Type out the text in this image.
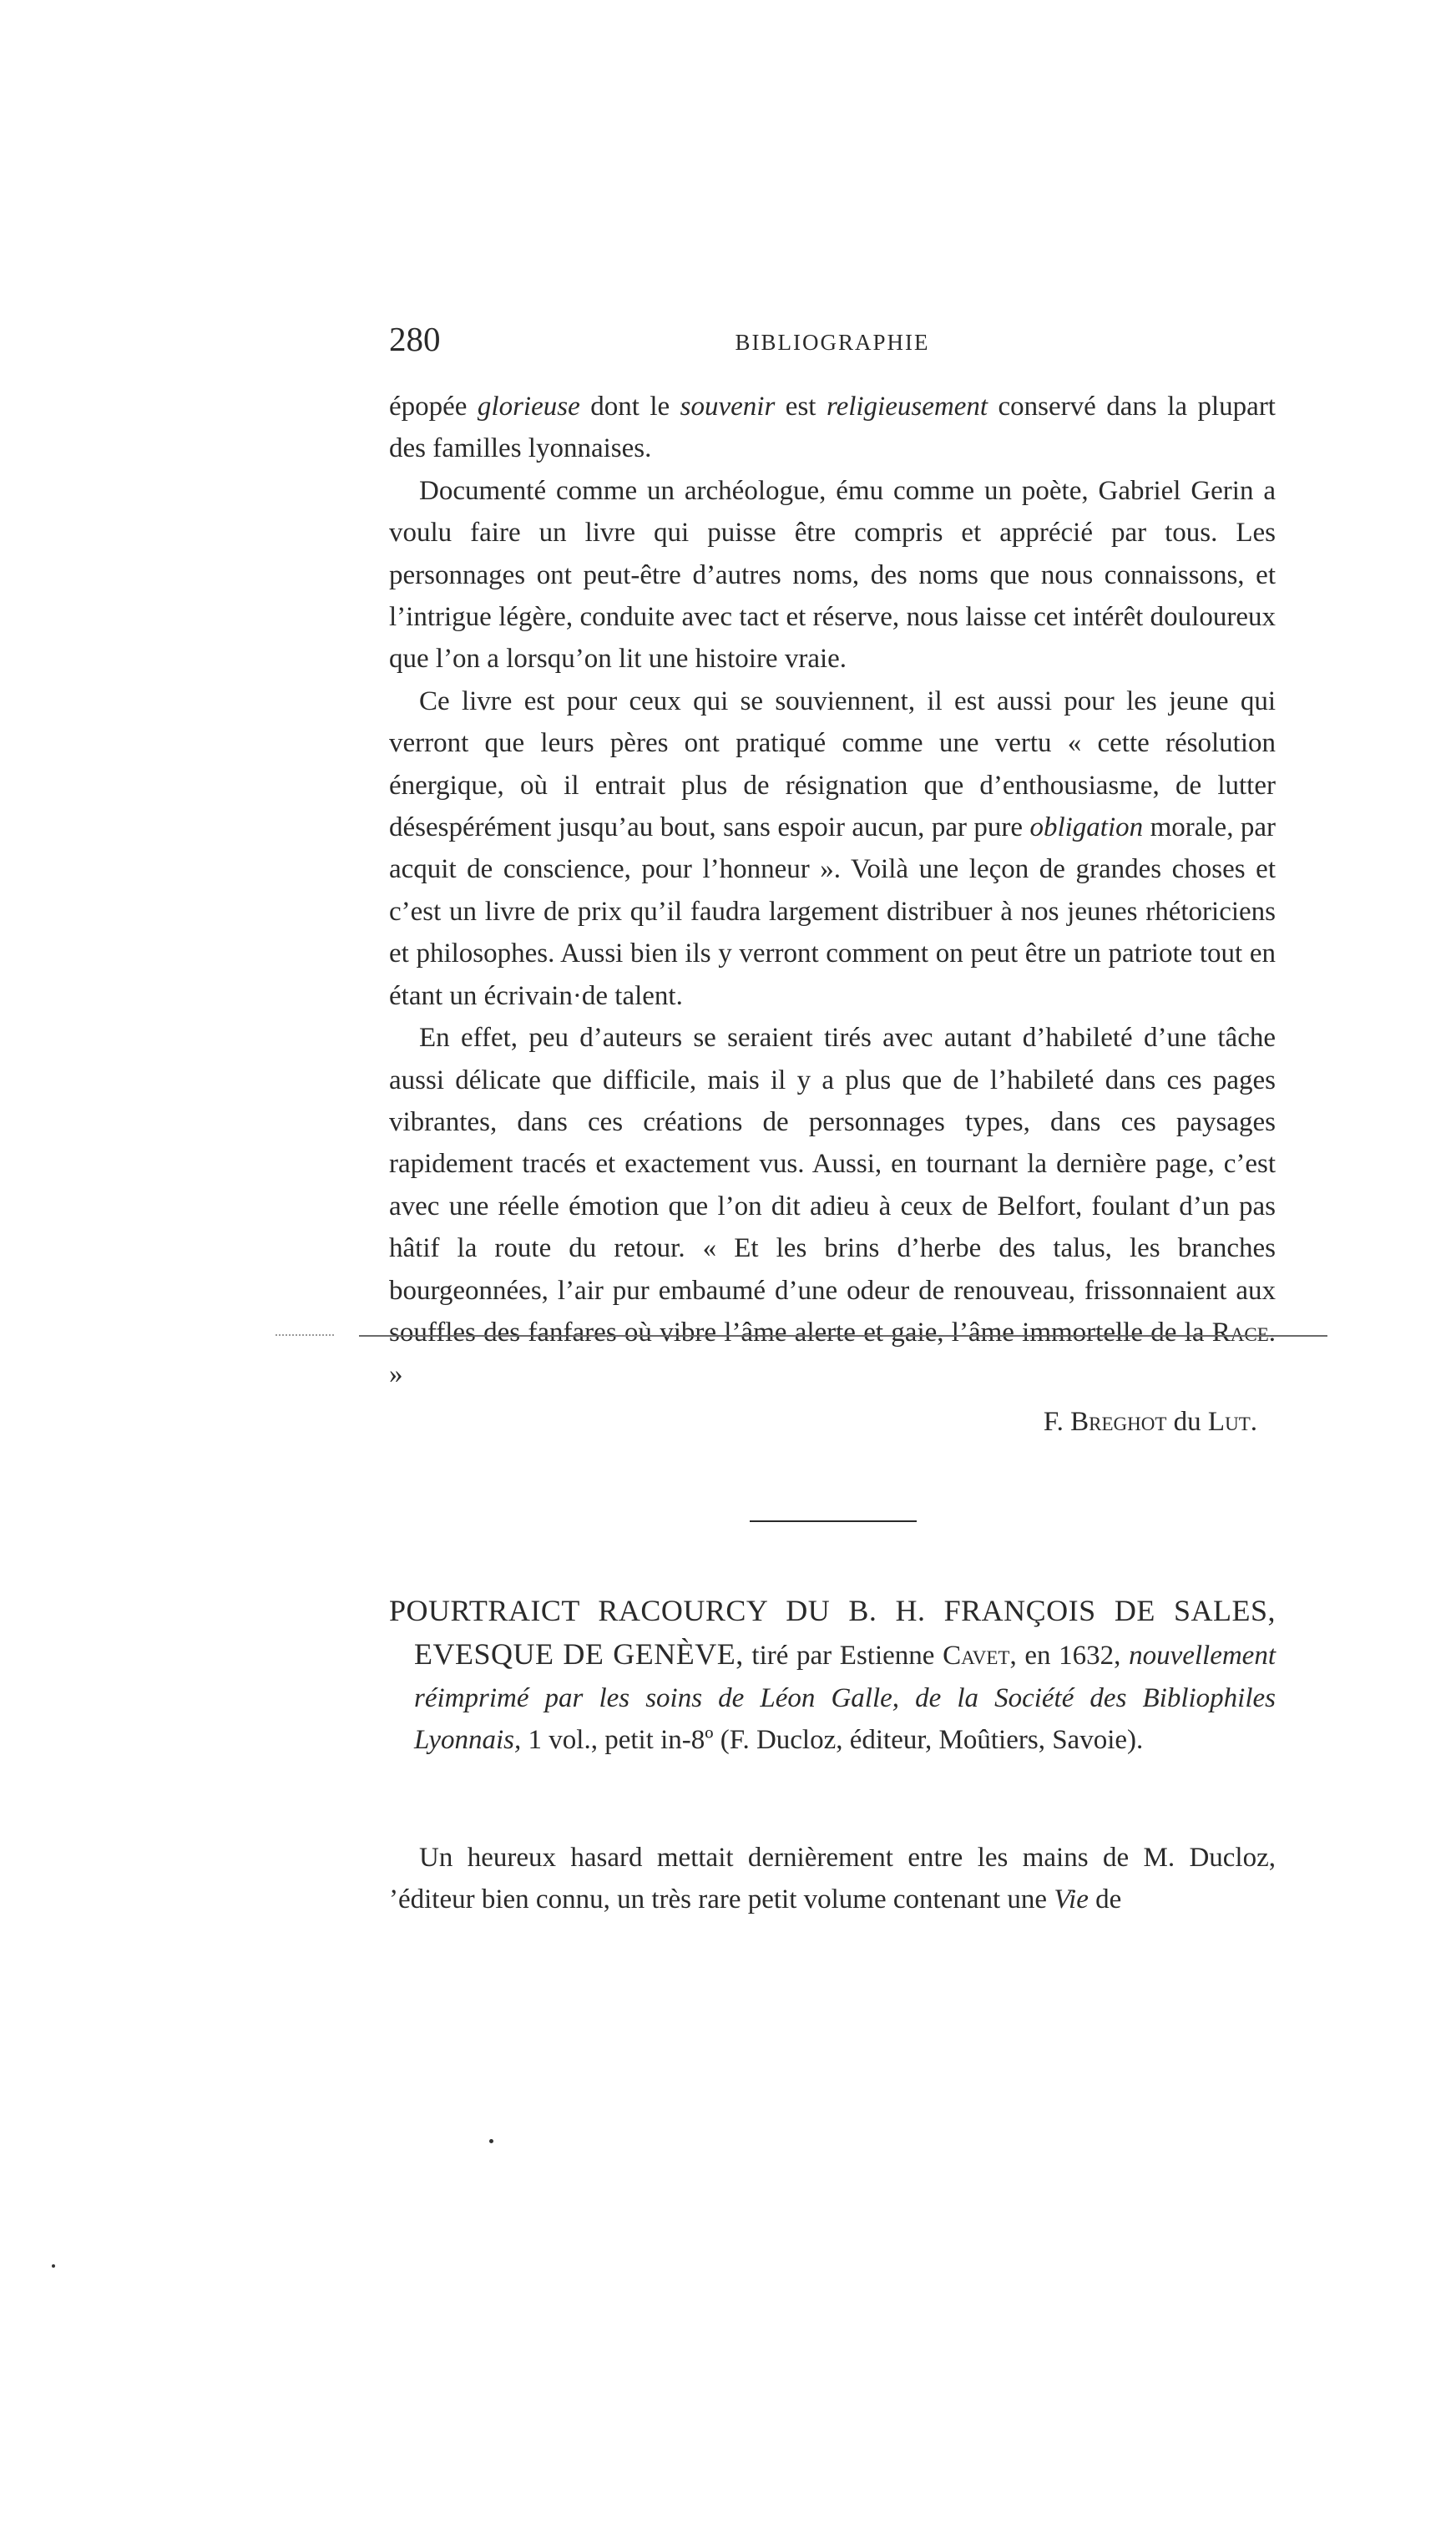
280	BIBLIOGRAPHIE

épopée glorieuse dont le souvenir est religieusement conservé dans la plupart des familles lyonnaises.

Documenté comme un archéologue, ému comme un poète, Gabriel Gerin a voulu faire un livre qui puisse être compris et apprécié par tous. Les personnages ont peut-être d’autres noms, des noms que nous connaissons, et l’intrigue légère, conduite avec tact et réserve, nous laisse cet intérêt douloureux que l’on a lorsqu’on lit une histoire vraie.

Ce livre est pour ceux qui se souviennent, il est aussi pour les jeune qui verront que leurs pères ont pratiqué comme une vertu « cette résolution énergique, où il entrait plus de résignation que d’enthousiasme, de lutter désespérément jusqu’au bout, sans espoir aucun, par pure obligation morale, par acquit de conscience, pour l’honneur ». Voilà une leçon de grandes choses et c’est un livre de prix qu’il faudra largement distribuer à nos jeunes rhétoriciens et philosophes. Aussi bien ils y verront comment on peut être un patriote tout en étant un écrivain·de talent.

En effet, peu d’auteurs se seraient tirés avec autant d’habileté d’une tâche aussi délicate que difficile, mais il y a plus que de l’habileté dans ces pages vibrantes, dans ces créations de personnages types, dans ces paysages rapidement tracés et exactement vus. Aussi, en tournant la dernière page, c’est avec une réelle émotion que l’on dit adieu à ceux de Belfort, foulant d’un pas hâtif la route du retour. « Et les brins d’herbe des talus, les branches bourgeonnées, l’air pur embaumé d’une odeur de renouveau, frissonnaient aux souffles des fanfares où vibre l’âme alerte et gaie, l’âme immortelle de la Race. »

F. Breghot du Lut.

POURTRAICT RACOURCY DU B. H. FRANÇOIS DE SALES, EVESQUE DE GENÈVE, tiré par Estienne Cavet, en 1632, nouvellement réimprimé par les soins de Léon Galle, de la Société des Bibliophiles Lyonnais, 1 vol., petit in-8º (F. Ducloz, éditeur, Moûtiers, Savoie).

Un heureux hasard mettait dernièrement entre les mains de M. Ducloz, ’éditeur bien connu, un très rare petit volume contenant une Vie de
